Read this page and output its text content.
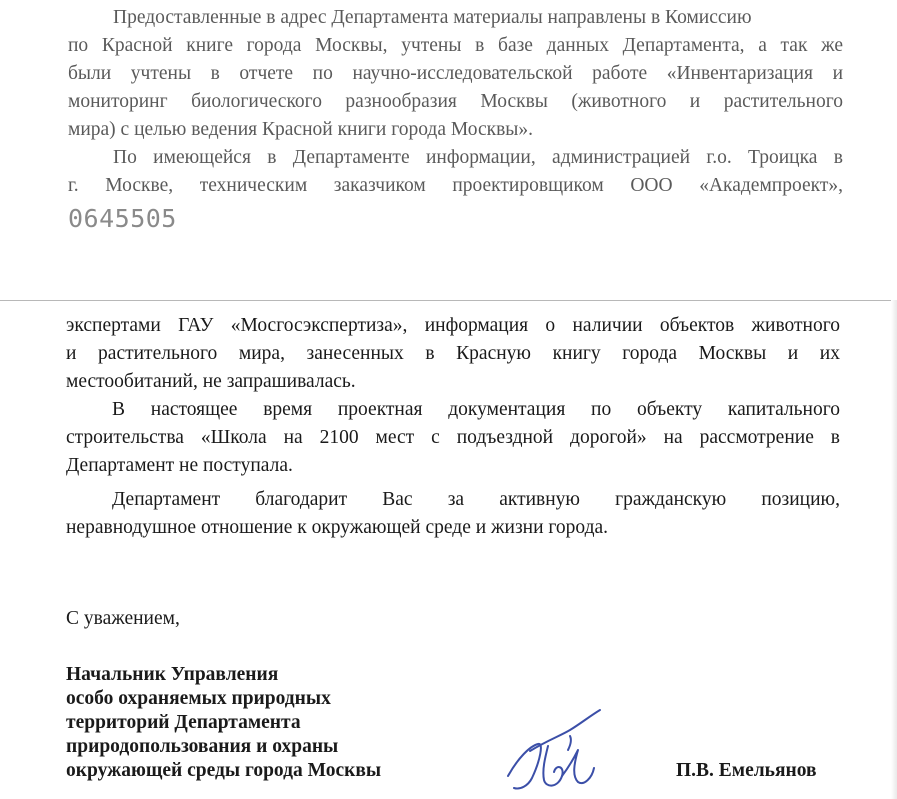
Предоставленные в адрес Департамента материалы направлены в Комиссию
по Красной книге города Москвы, учтены в базе данных Департамента, а так же
были учтены в отчете по научно-исследовательской работе «Инвентаризация и
мониторинг биологического разнообразия Москвы (животного и растительного
мира) с целью ведения Красной книги города Москвы».
По имеющейся в Департаменте информации, администрацией г.о. Троицка в
г. Москве, техническим заказчиком проектировщиком ООО «Академпроект»,
0645505
экспертами ГАУ «Мосгосэкспертиза», информация о наличии объектов животного
и растительного мира, занесенных в Красную книгу города Москвы и их
местообитаний, не запрашивалась.
В настоящее время проектная документация по объекту капитального
строительства «Школа на 2100 мест с подъездной дорогой» на рассмотрение в
Департамент не поступала.
Департамент благодарит Вас за активную гражданскую позицию,
неравнодушное отношение к окружающей среде и жизни города.
С уважением,
Начальник Управления
особо охраняемых природных
территорий Департамента
природопользования и охраны
окружающей среды города Москвы	П.В. Емельянов
